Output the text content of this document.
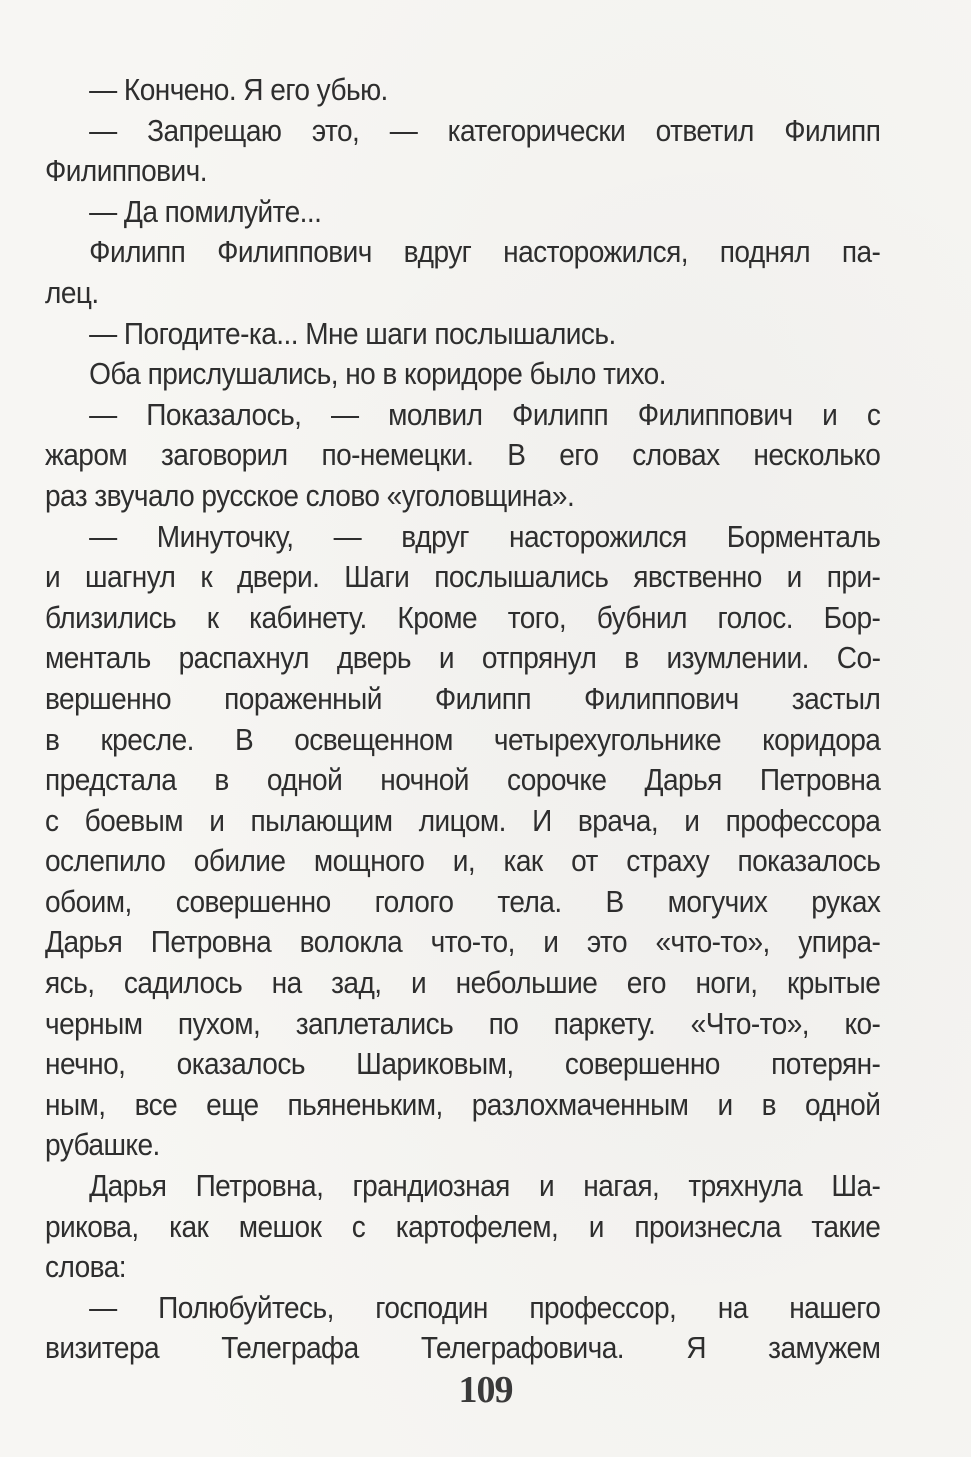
— Кончено. Я его убью.
— Запрещаю это, — категорически ответил Филипп
Филиппович.
— Да помилуйте...
Филипп Филиппович вдруг насторожился, поднял па-
лец.
— Погодите-ка... Мне шаги послышались.
Оба прислушались, но в коридоре было тихо.
— Показалось, — молвил Филипп Филиппович и с
жаром заговорил по-немецки. В его словах несколько
раз звучало русское слово «уголовщина».
— Минуточку, — вдруг насторожился Борменталь
и шагнул к двери. Шаги послышались явственно и при-
близились к кабинету. Кроме того, бубнил голос. Бор-
менталь распахнул дверь и отпрянул в изумлении. Со-
вершенно пораженный Филипп Филиппович застыл
в кресле. В освещенном четырехугольнике коридора
предстала в одной ночной сорочке Дарья Петровна
с боевым и пылающим лицом. И врача, и профессора
ослепило обилие мощного и, как от страху показалось
обоим, совершенно голого тела. В могучих руках
Дарья Петровна волокла что-то, и это «что-то», упира-
ясь, садилось на зад, и небольшие его ноги, крытые
черным пухом, заплетались по паркету. «Что-то», ко-
нечно, оказалось Шариковым, совершенно потерян-
ным, все еще пьяненьким, разлохмаченным и в одной
рубашке.
Дарья Петровна, грандиозная и нагая, тряхнула Ша-
рикова, как мешок с картофелем, и произнесла такие
слова:
— Полюбуйтесь, господин профессор, на нашего
визитера Телеграфа Телеграфовича. Я замужем
109
